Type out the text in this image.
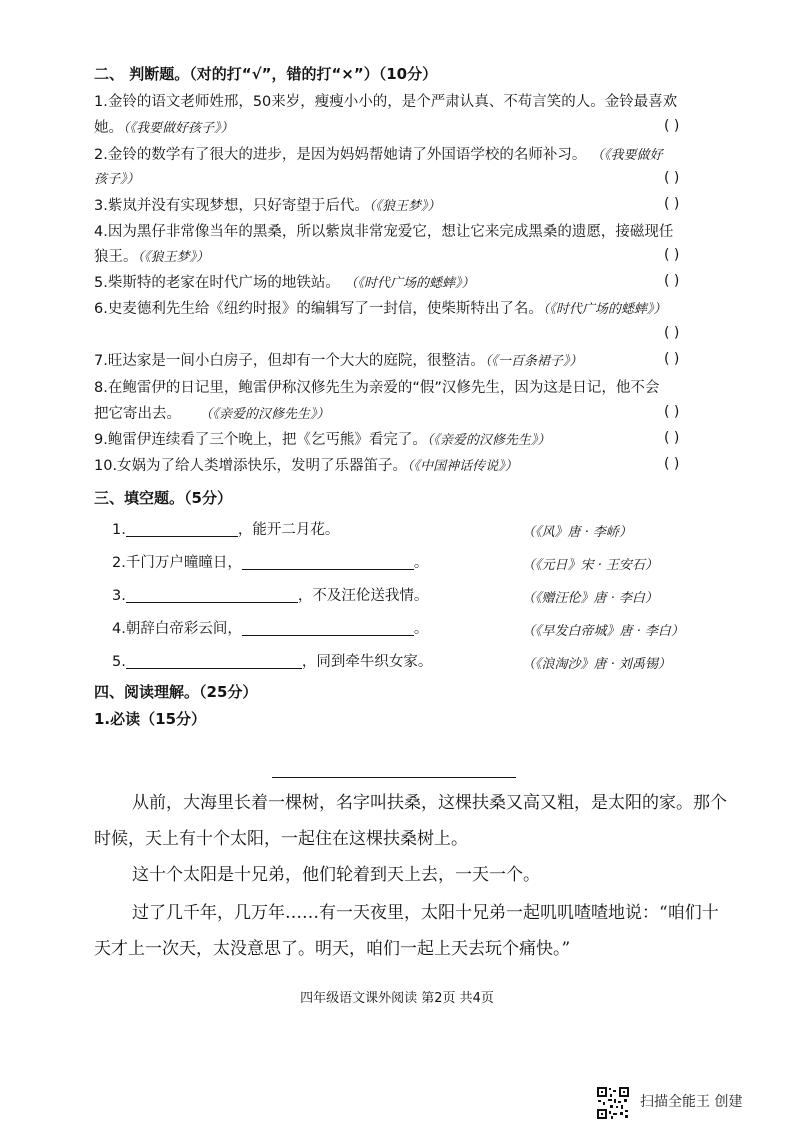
二、 判断题。（对的打“√”，错的打“×”）（10分）
1.金铃的语文老师姓邢，50来岁，瘦瘦小小的，是个严肃认真、不苟言笑的人。金铃最喜欢
她。（《我要做好孩子》）	( )
2.金铃的数学有了很大的进步，是因为妈妈帮她请了外国语学校的名师补习。 （《我要做好
孩子》）	( )
3.紫岚并没有实现梦想，只好寄望于后代。（《狼王梦》）	( )
4.因为黑仔非常像当年的黑桑，所以紫岚非常宠爱它，想让它来完成黑桑的遗愿，接磁现任
狼王。（《狼王梦》）	( )
5.柴斯特的老家在时代广场的地铁站。 （《时代广场的蟋蟀》）	( )
6.史麦德利先生给《纽约时报》的编辑写了一封信，使柴斯特出了名。（《时代广场的蟋蟀》）
( )
7.旺达家是一间小白房子，但却有一个大大的庭院，很整洁。（《一百条裙子》）	( )
8.在鲍雷伊的日记里，鲍雷伊称汉修先生为亲爱的“假”汉修先生，因为这是日记，他不会
把它寄出去。 （《亲爱的汉修先生》）	( )
9.鲍雷伊连续看了三个晚上，把《乞丐熊》看完了。（《亲爱的汉修先生》）	( )
10.女娲为了给人类增添快乐，发明了乐器笛子。（《中国神话传说》）	( )
三、填空题。（5分）
1.	，能开二月花。	（《风》唐 · 李峤）
2.千门万户曈曈日，	。	（《元日》宋 · 王安石）
3.	，不及汪伦送我情。	（《赠汪伦》唐 · 李白）
4.朝辞白帝彩云间，	。	（《早发白帝城》唐 · 李白）
5.	，同到牵牛织女家。	（《浪淘沙》唐 · 刘禹锡）
四、阅读理解。（25分）
1.必读（15分）
从前，大海里长着一棵树，名字叫扶桑，这棵扶桑又高又粗，是太阳的家。那个
时候，天上有十个太阳，一起住在这棵扶桑树上。
这十个太阳是十兄弟，他们轮着到天上去，一天一个。
过了几千年，几万年……有一天夜里，太阳十兄弟一起叽叽喳喳地说：“咱们十
天才上一次天，太没意思了。明天，咱们一起上天去玩个痛快。”
四年级语文课外阅读 第2页 共4页
扫描全能王 创建
